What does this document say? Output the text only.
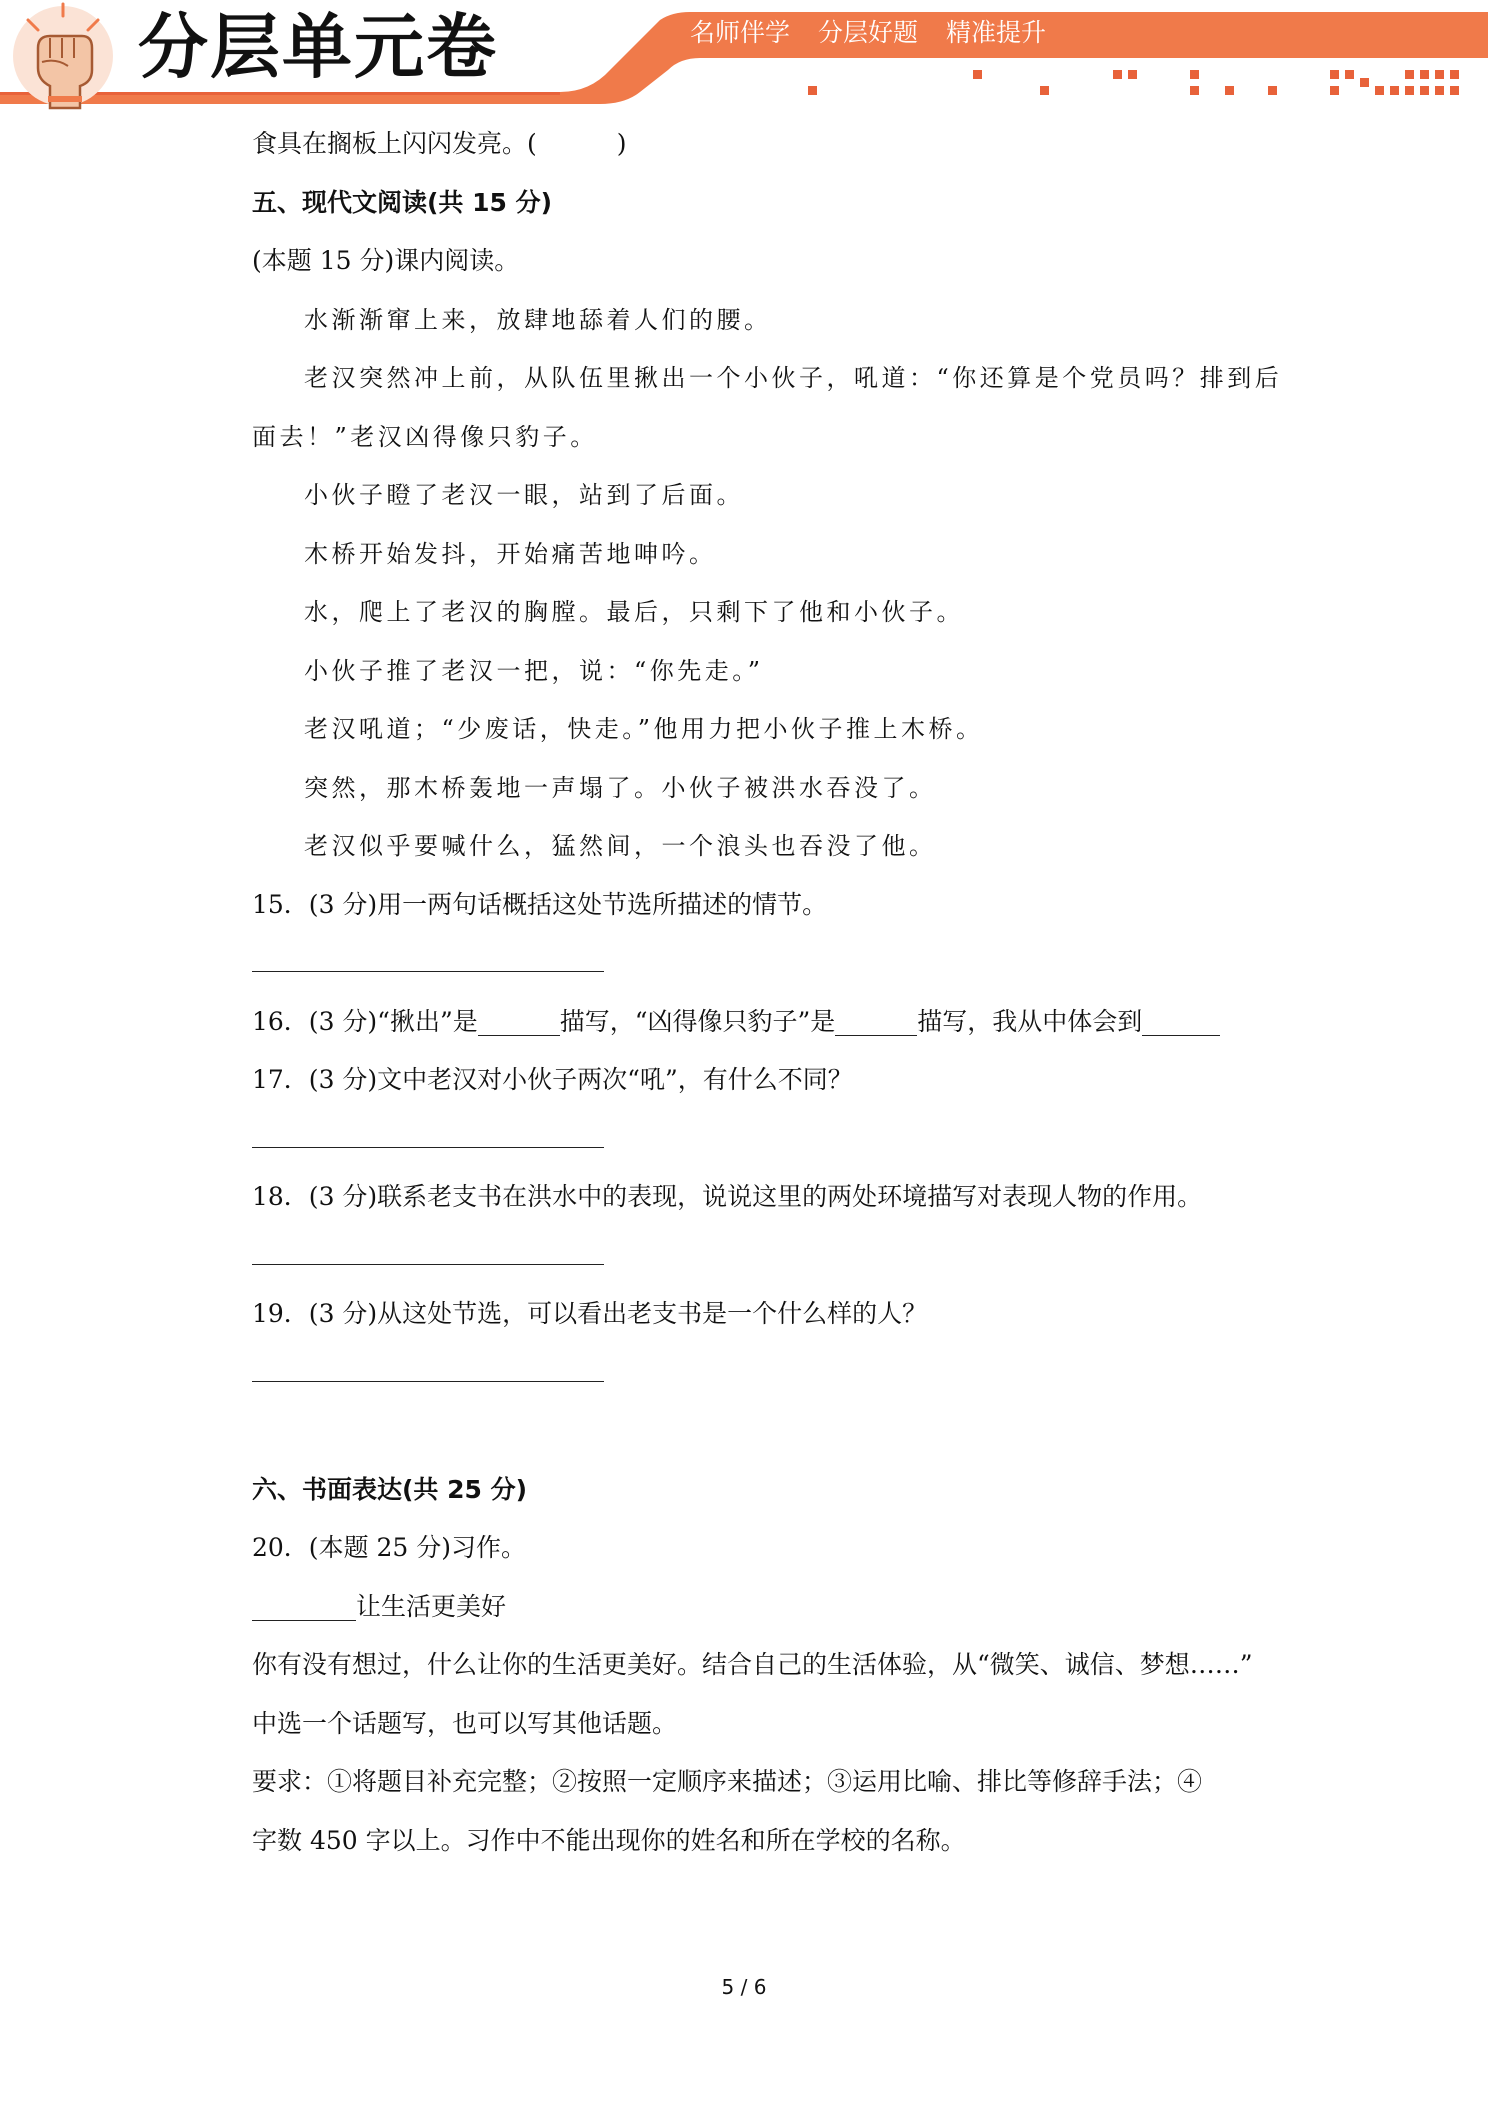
分层单元卷	名师伴学 分层好题 精准提升
食具在搁板上闪闪发亮。(	)
五、现代文阅读(共 15 分)
(本题 15 分)课内阅读。
水渐渐窜上来，放肆地舔着人们的腰。
老汉突然冲上前，从队伍里揪出一个小伙子，吼道：“你还算是个党员吗？排到后
面去！”老汉凶得像只豹子。
小伙子瞪了老汉一眼，站到了后面。
木桥开始发抖，开始痛苦地呻吟。
水，爬上了老汉的胸膛。最后，只剩下了他和小伙子。
小伙子推了老汉一把，说：“你先走。”
老汉吼道；“少废话，快走。”他用力把小伙子推上木桥。
突然，那木桥轰地一声塌了。小伙子被洪水吞没了。
老汉似乎要喊什么，猛然间，一个浪头也吞没了他。
15．(3 分)用一两句话概括这处节选所描述的情节。
16．(3 分)“揪出”是	描写，“凶得像只豹子”是	描写，我从中体会到
17．(3 分)文中老汉对小伙子两次“吼”，有什么不同？
18．(3 分)联系老支书在洪水中的表现，说说这里的两处环境描写对表现人物的作用。
19．(3 分)从这处节选，可以看出老支书是一个什么样的人？
六、书面表达(共 25 分)
20．(本题 25 分)习作。
让生活更美好
你有没有想过，什么让你的生活更美好。结合自己的生活体验，从“微笑、诚信、梦想……”
中选一个话题写，也可以写其他话题。
要求：①将题目补充完整；②按照一定顺序来描述；③运用比喻、排比等修辞手法；④
字数 450 字以上。习作中不能出现你的姓名和所在学校的名称。
5 / 6
